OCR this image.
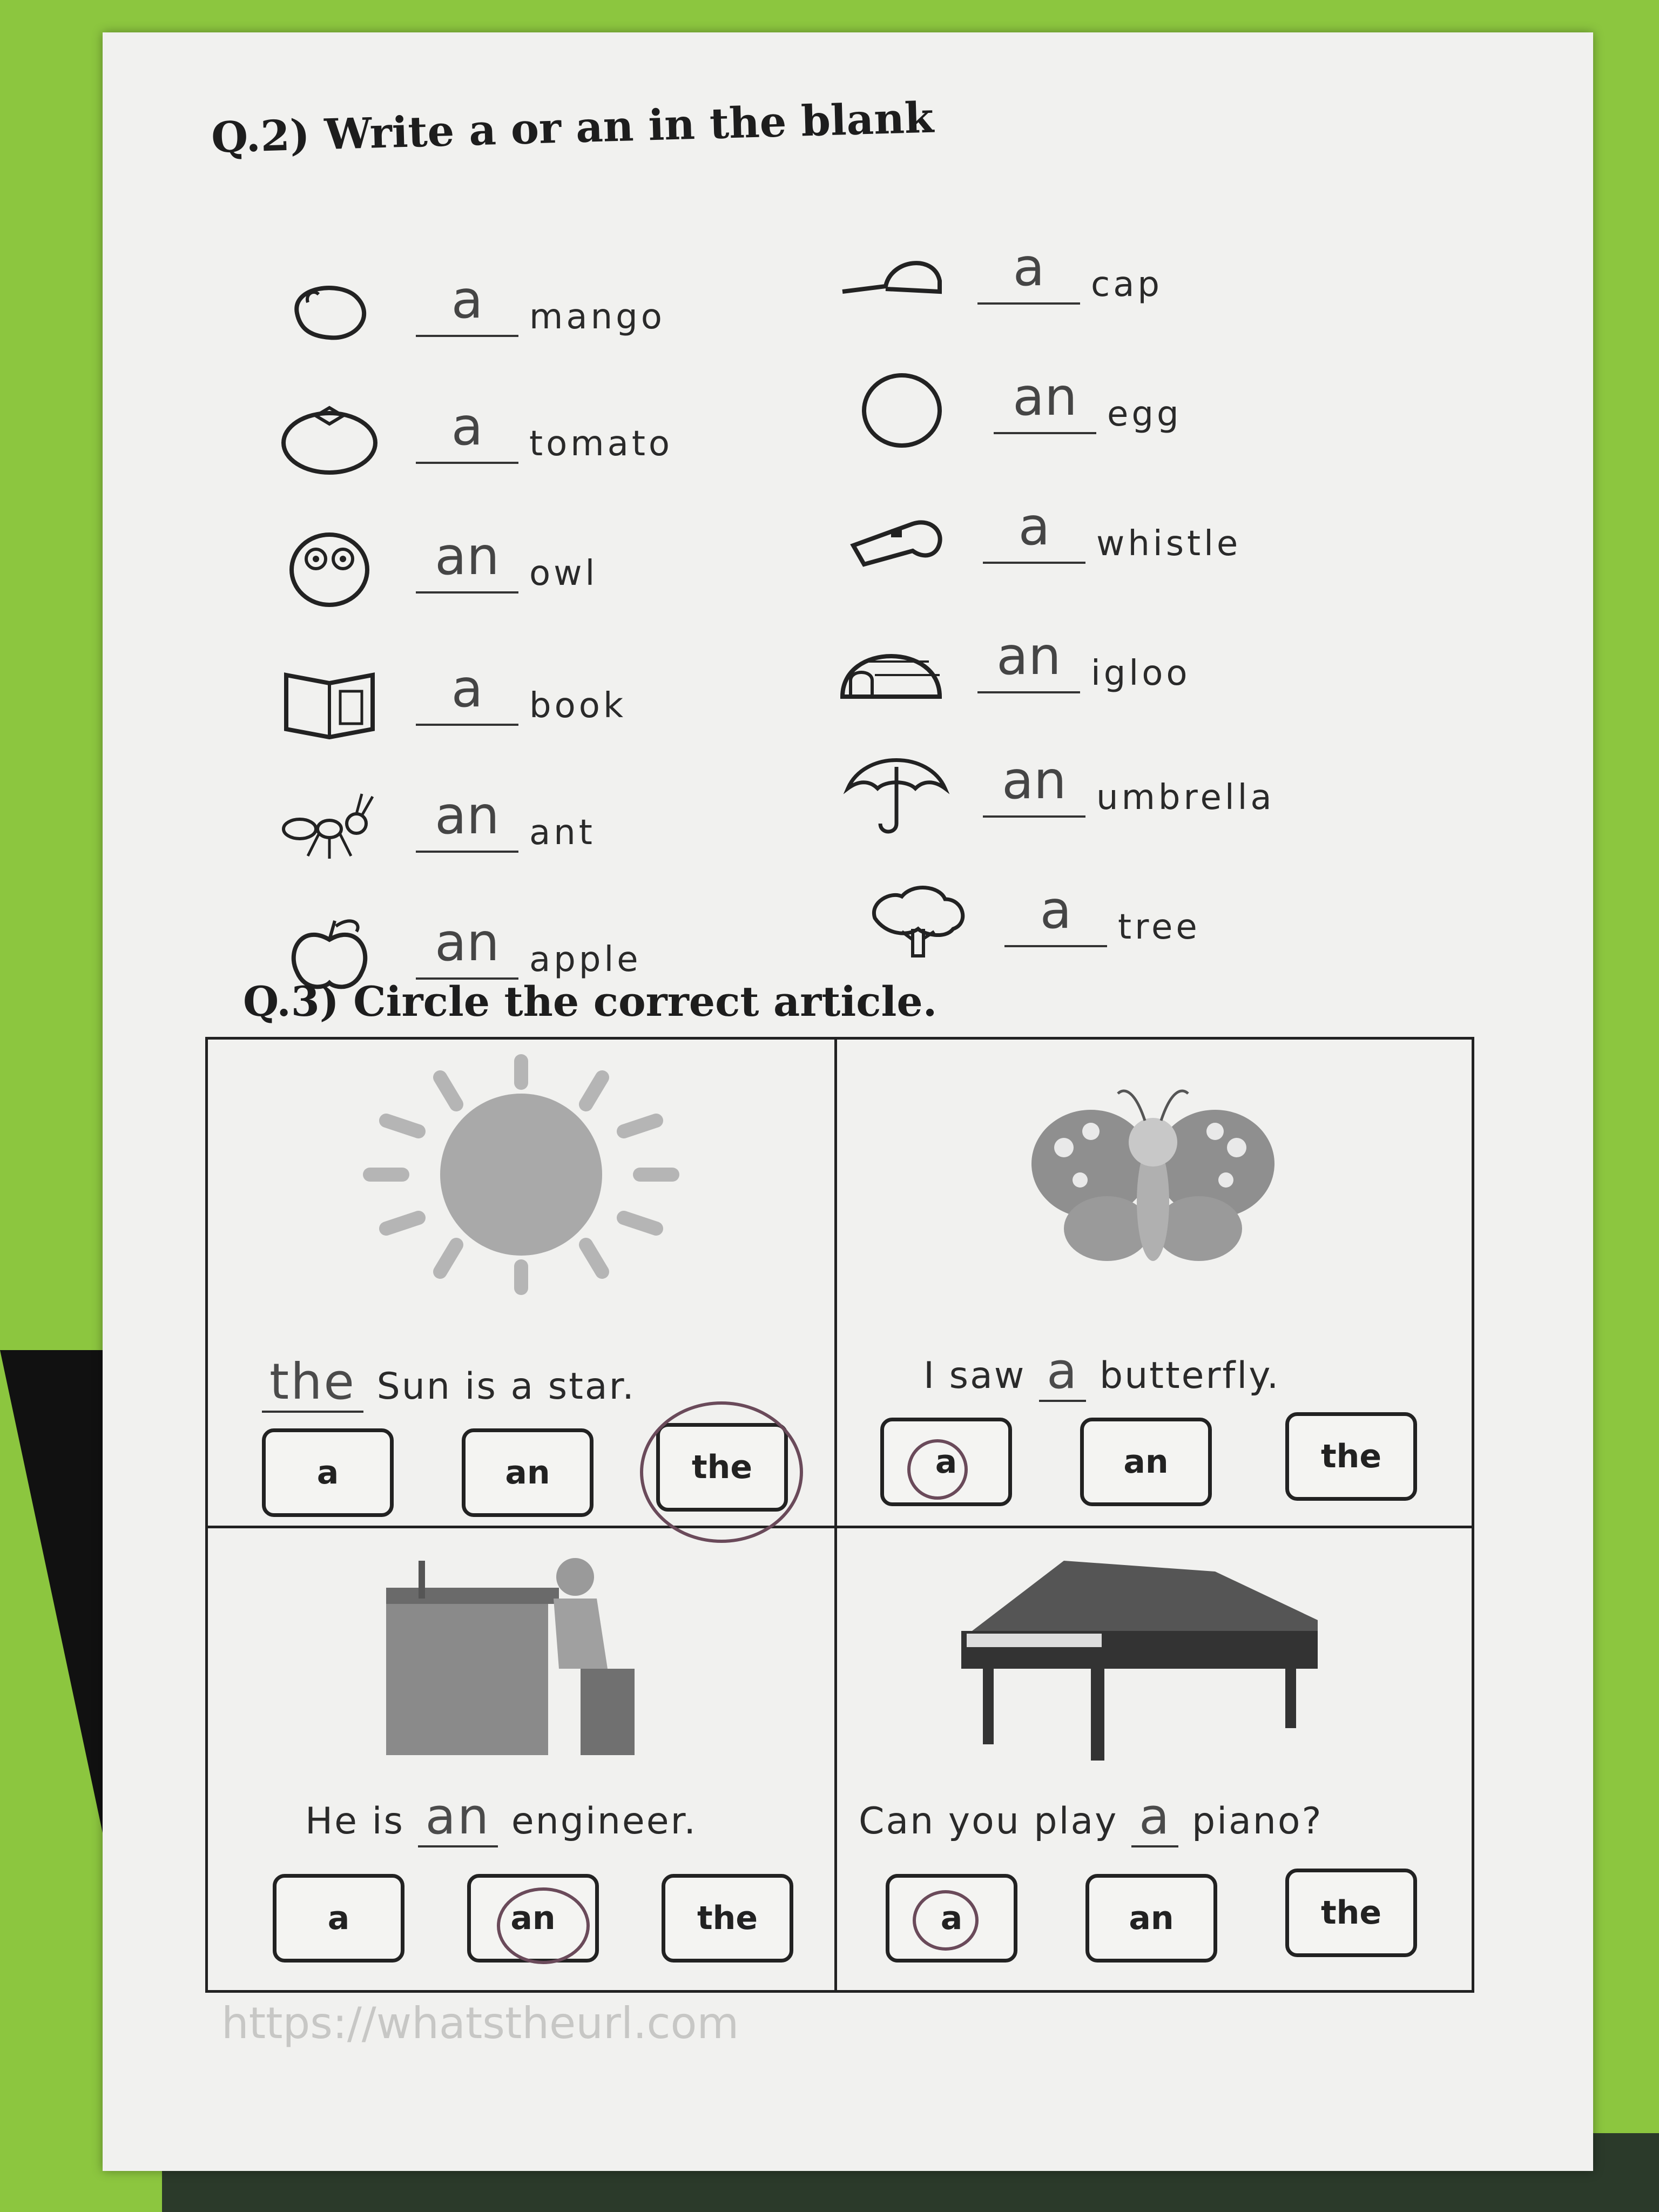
Q.2) Write a or an in the blank
a	mango
a	tomato
an owl
a	book
an ant
an apple
a	cap
an egg
a	whistle
an igloo
an umbrella
a	tree
Q.3) Circle the correct article.
the Sun is a star.
a	an	the
I saw a butterfly.
a	an	the
He is an engineer.
a	an	the
Can you play a piano?
a	an	the
https://whatstheurl.com
